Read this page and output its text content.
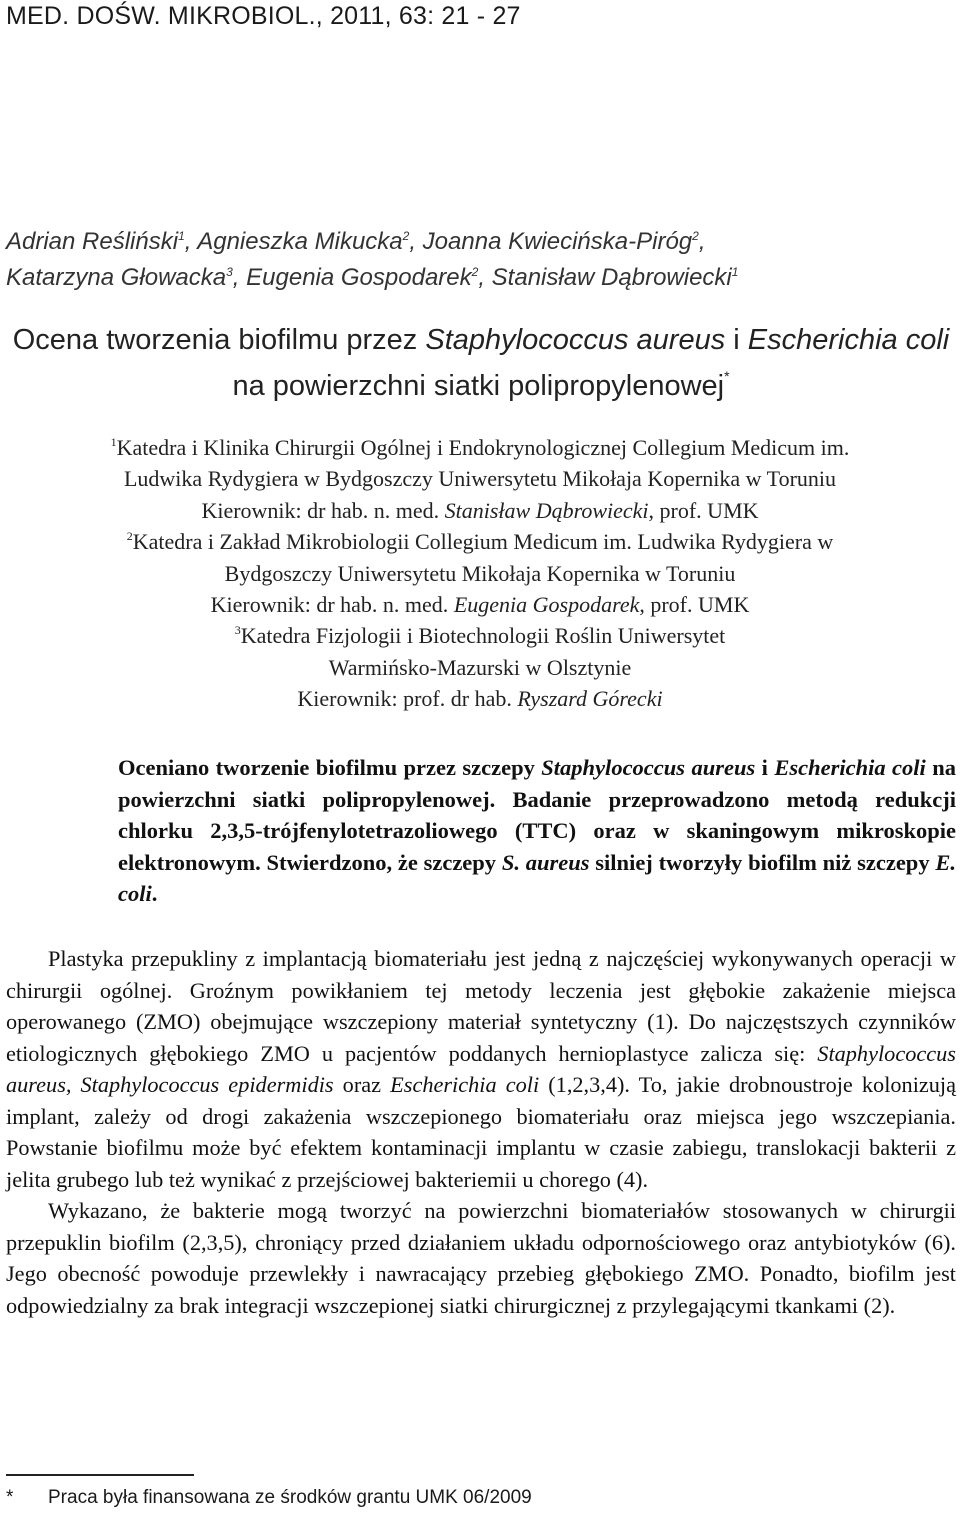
MED. DOŚW. MIKROBIOL., 2011, 63: 21 - 27
Adrian Reśliński$^1$, Agnieszka Mikucka$^2$, Joanna Kwiecińska-Piróg$^2$,
Katarzyna Głowacka$^3$, Eugenia Gospodarek$^2$, Stanisław Dąbrowiecki$^1$
Ocena tworzenia biofilmu przez Staphylococcus aureus i Escherichia coli
na powierzchni siatki polipropylenowej*
$^1$Katedra i Klinika Chirurgii Ogólnej i Endokrynologicznej Collegium Medicum im.
Ludwika Rydygiera w Bydgoszczy Uniwersytetu Mikołaja Kopernika w Toruniu
Kierownik: dr hab. n. med. Stanisław Dąbrowiecki, prof. UMK
$^2$Katedra i Zakład Mikrobiologii Collegium Medicum im. Ludwika Rydygiera w
Bydgoszczy Uniwersytetu Mikołaja Kopernika w Toruniu
Kierownik: dr hab. n. med. Eugenia Gospodarek, prof. UMK
$^3$Katedra Fizjologii i Biotechnologii Roślin Uniwersytet
Warmińsko-Mazurski w Olsztynie
Kierownik: prof. dr hab. Ryszard Górecki
Oceniano tworzenie biofilmu przez szczepy Staphylococcus aureus i Escherichia coli na powierzchni siatki polipropylenowej. Badanie przeprowadzono metodą redukcji chlorku 2,3,5-trójfenylotetrazoliowego (TTC) oraz w skaningowym mikroskopie elektronowym. Stwierdzono, że szczepy S. aureus silniej tworzyły biofilm niż szczepy E. coli.

Plastyka przepukliny z implantacją biomateriału jest jedną z najczęściej wykonywanych operacji w chirurgii ogólnej. Groźnym powikłaniem tej metody leczenia jest głębokie zakażenie miejsca operowanego (ZMO) obejmujące wszczepiony materiał syntetyczny (1). Do najczęstszych czynników etiologicznych głębokiego ZMO u pacjentów poddanych hernioplastyce zalicza się: Staphylococcus aureus, Staphylococcus epidermidis oraz Escherichia coli (1,2,3,4). To, jakie drobnoustroje kolonizują implant, zależy od drogi zakażenia wszczepionego biomateriału oraz miejsca jego wszczepiania. Powstanie biofilmu może być efektem kontaminacji implantu w czasie zabiegu, translokacji bakterii z jelita grubego lub też wynikać z przejściowej bakteriemii u chorego (4).

Wykazano, że bakterie mogą tworzyć na powierzchni biomateriałów stosowanych w chirurgii przepuklin biofilm (2,3,5), chroniący przed działaniem układu odpornościowego oraz antybiotyków (6). Jego obecność powoduje przewlekły i nawracający przebieg głębokiego ZMO. Ponadto, biofilm jest odpowiedzialny za brak integracji wszczepionej siatki chirurgicznej z przylegającymi tkankami (2).

* Praca była finansowana ze środków grantu UMK 06/2009
